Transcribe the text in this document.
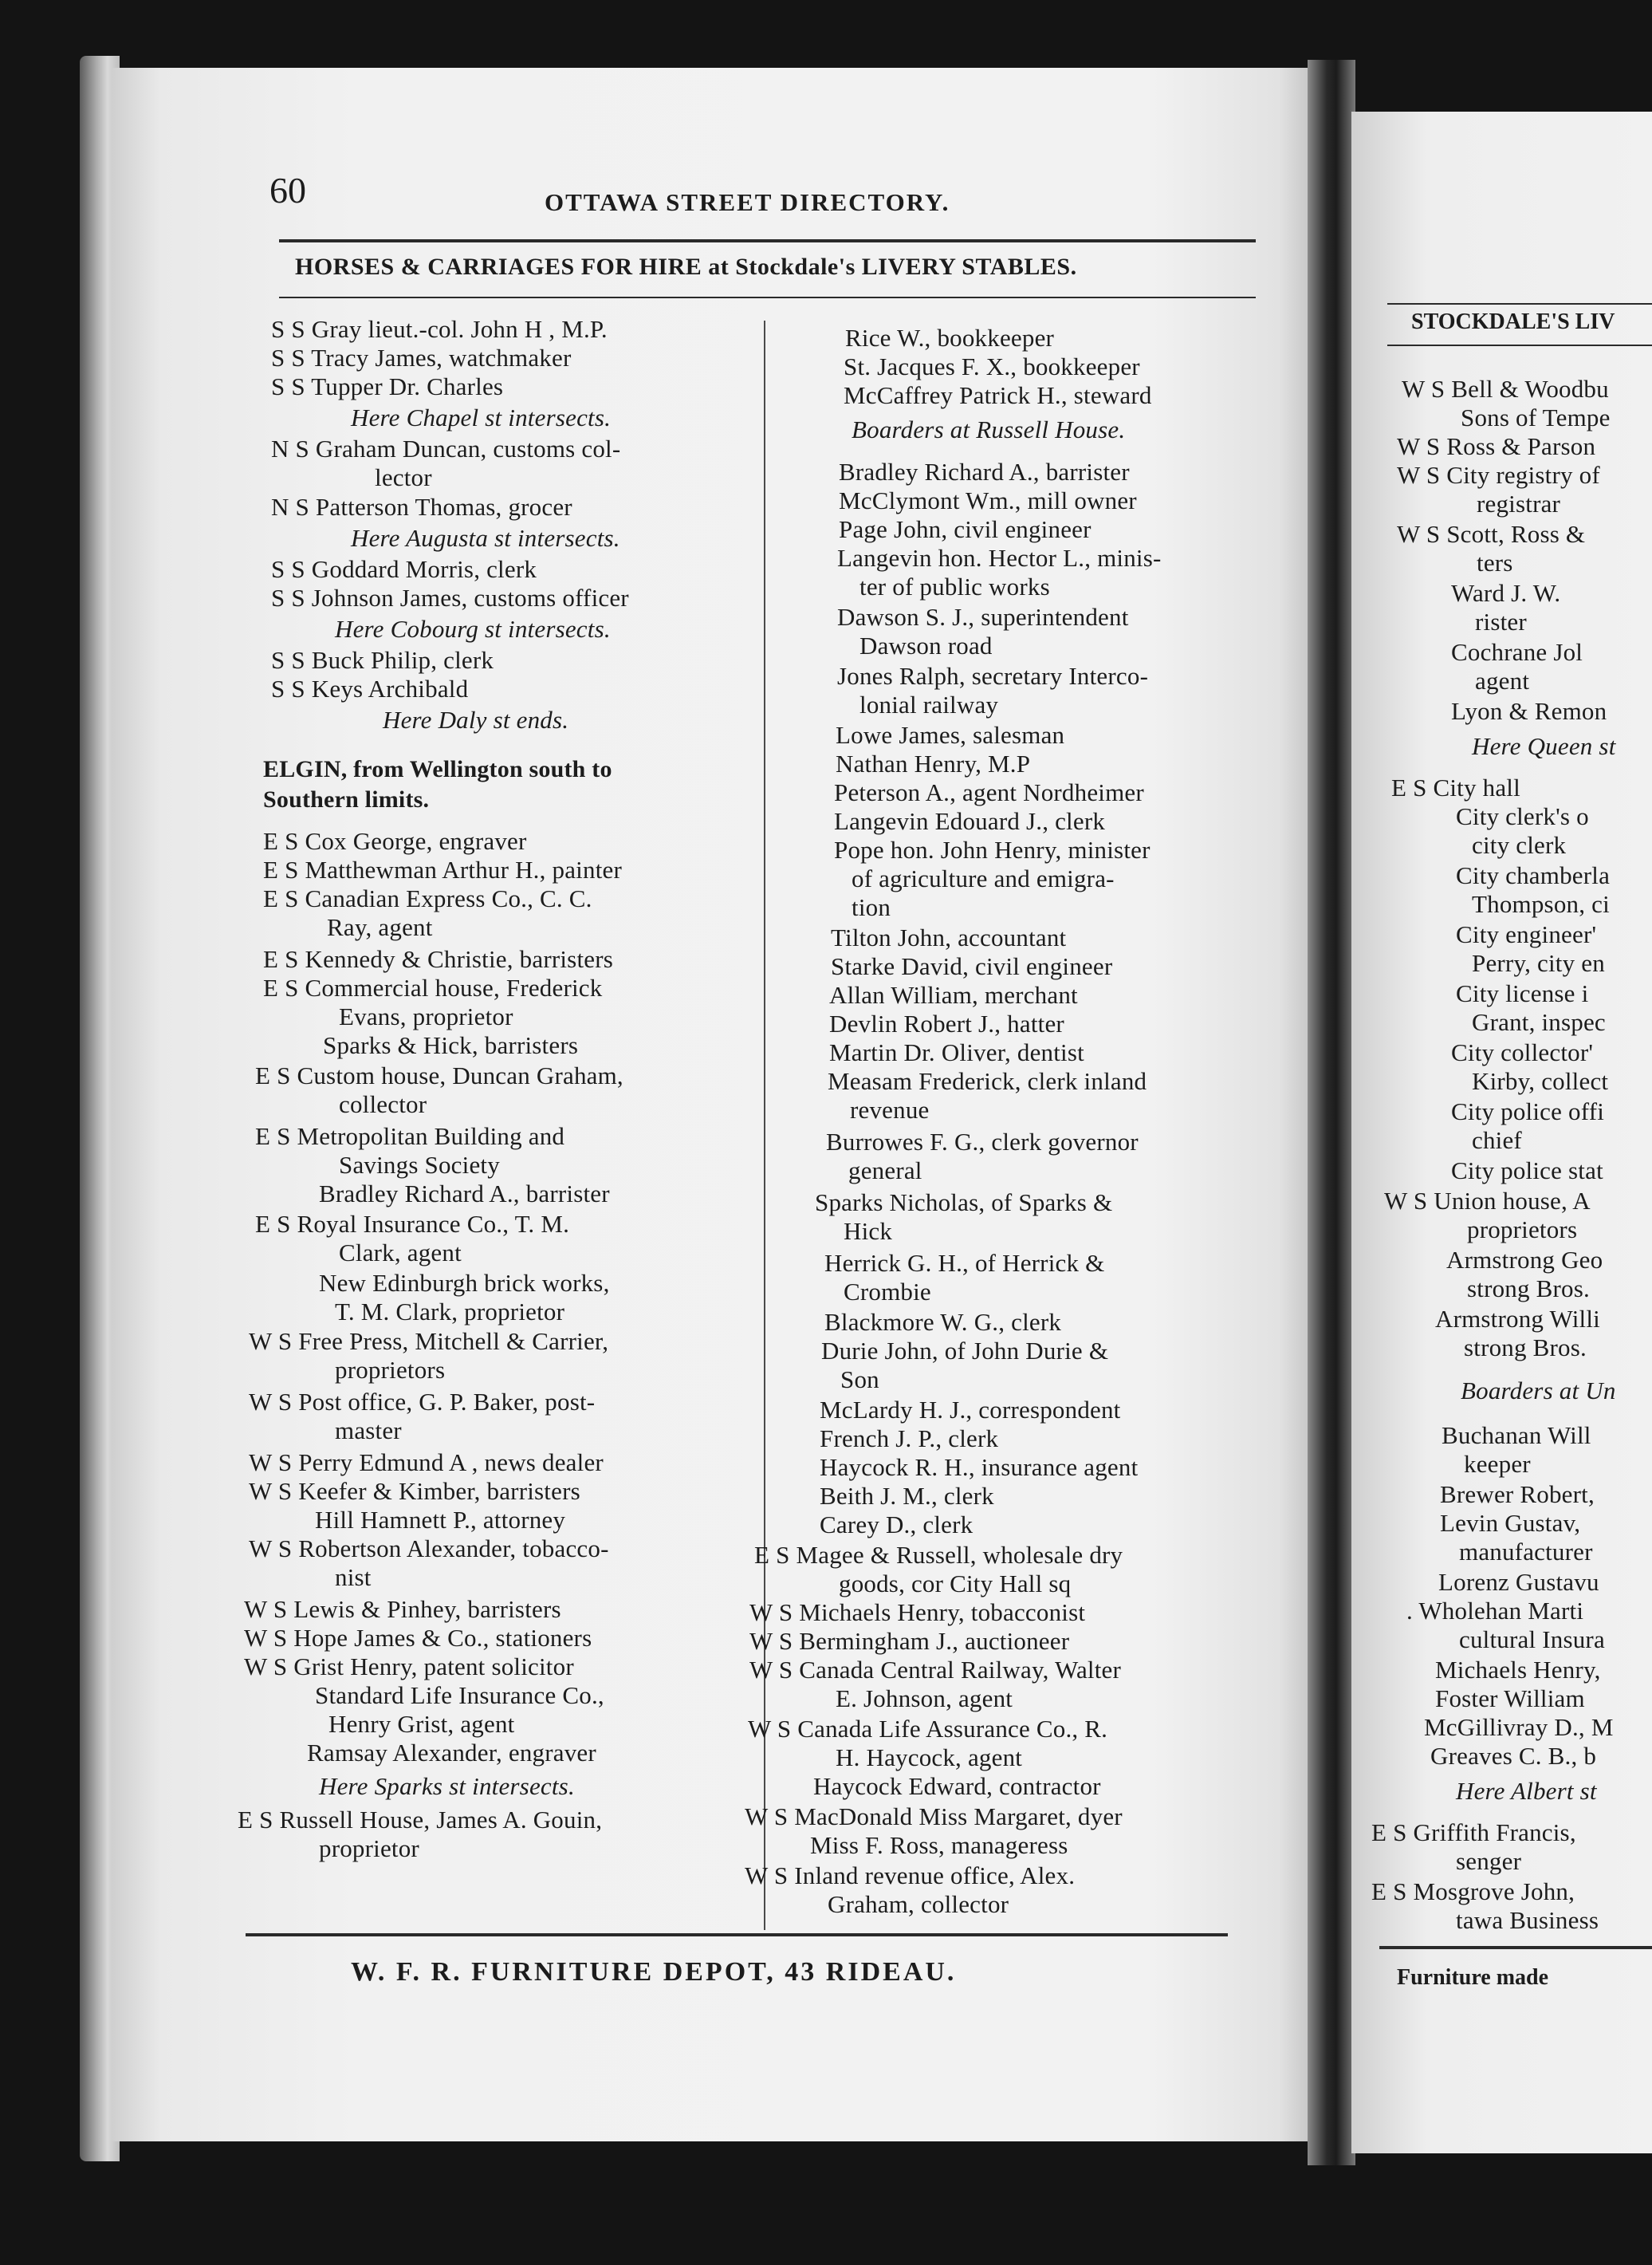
60	OTTAWA STREET DIRECTORY.
HORSES & CARRIAGES FOR HIRE at Stockdale's LIVERY STABLES.
S S Gray lieut.-col. John H , M.P.
S S Tracy James, watchmaker
S S Tupper Dr. Charles
Here Chapel st intersects.
N S Graham Duncan, customs col-
lector
N S Patterson Thomas, grocer
Here Augusta st intersects.
S S Goddard Morris, clerk
S S Johnson James, customs officer
Here Cobourg st intersects.
S S Buck Philip, clerk
S S Keys Archibald
Here Daly st ends.
ELGIN, from Wellington south to
Southern limits.
E S Cox George, engraver
E S Matthewman Arthur H., painter
E S Canadian Express Co., C. C.
Ray, agent
E S Kennedy & Christie, barristers
E S Commercial house, Frederick
Evans, proprietor
Sparks & Hick, barristers
E S Custom house, Duncan Graham,
collector
E S Metropolitan Building and
Savings Society
Bradley Richard A., barrister
E S Royal Insurance Co., T. M.
Clark, agent
New Edinburgh brick works,
T. M. Clark, proprietor
W S Free Press, Mitchell & Carrier,
proprietors
W S Post office, G. P. Baker, post-
master
W S Perry Edmund A , news dealer
W S Keefer & Kimber, barristers
Hill Hamnett P., attorney
W S Robertson Alexander, tobacco-
nist
W S Lewis & Pinhey, barristers
W S Hope James & Co., stationers
W S Grist Henry, patent solicitor
Standard Life Insurance Co.,
Henry Grist, agent
Ramsay Alexander, engraver
Here Sparks st intersects.
E S Russell House, James A. Gouin,
proprietor
Rice W., bookkeeper
St. Jacques F. X., bookkeeper
McCaffrey Patrick H., steward
Boarders at Russell House.
Bradley Richard A., barrister
McClymont Wm., mill owner
Page John, civil engineer
Langevin hon. Hector L., minis-
ter of public works
Dawson S. J., superintendent
Dawson road
Jones Ralph, secretary Interco-
lonial railway
Lowe James, salesman
Nathan Henry, M.P
Peterson A., agent Nordheimer
Langevin Edouard J., clerk
Pope hon. John Henry, minister
of agriculture and emigra-
tion
Tilton John, accountant
Starke David, civil engineer
Allan William, merchant
Devlin Robert J., hatter
Martin Dr. Oliver, dentist
Measam Frederick, clerk inland
revenue
Burrowes F. G., clerk governor
general
Sparks Nicholas, of Sparks &
Hick
Herrick G. H., of Herrick &
Crombie
Blackmore W. G., clerk
Durie John, of John Durie &
Son
McLardy H. J., correspondent
French J. P., clerk
Haycock R. H., insurance agent
Beith J. M., clerk
Carey D., clerk
E S Magee & Russell, wholesale dry
goods, cor City Hall sq
W S Michaels Henry, tobacconist
W S Bermingham J., auctioneer
W S Canada Central Railway, Walter
E. Johnson, agent
W S Canada Life Assurance Co., R.
H. Haycock, agent
Haycock Edward, contractor
W S MacDonald Miss Margaret, dyer
Miss F. Ross, manageress
W S Inland revenue office, Alex.
Graham, collector
W. F. R. FURNITURE DEPOT, 43 RIDEAU.
STOCKDALE'S LIV
W S Bell & Woodbu
Sons of Tempe
W S Ross & Parson
W S City registry of
registrar
W S Scott, Ross &
ters
Ward J. W.
rister
Cochrane Jol
agent
Lyon & Remon
Here Queen st
E S City hall
City clerk's o
city clerk
City chamberla
Thompson, ci
City engineer'
Perry, city en
City license i
Grant, inspec
City collector'
Kirby, collect
City police offi
chief
City police stat
W S Union house, A
proprietors
Armstrong Geo
strong Bros.
Armstrong Willi
strong Bros.
Boarders at Un
Buchanan Will
keeper
Brewer Robert,
Levin Gustav,
manufacturer
Lorenz Gustavu
. Wholehan Marti
cultural Insura
Michaels Henry,
Foster William
McGillivray D., M
Greaves C. B., b
Here Albert st
E S Griffith Francis,
senger
E S Mosgrove John,
tawa Business
Furniture made
